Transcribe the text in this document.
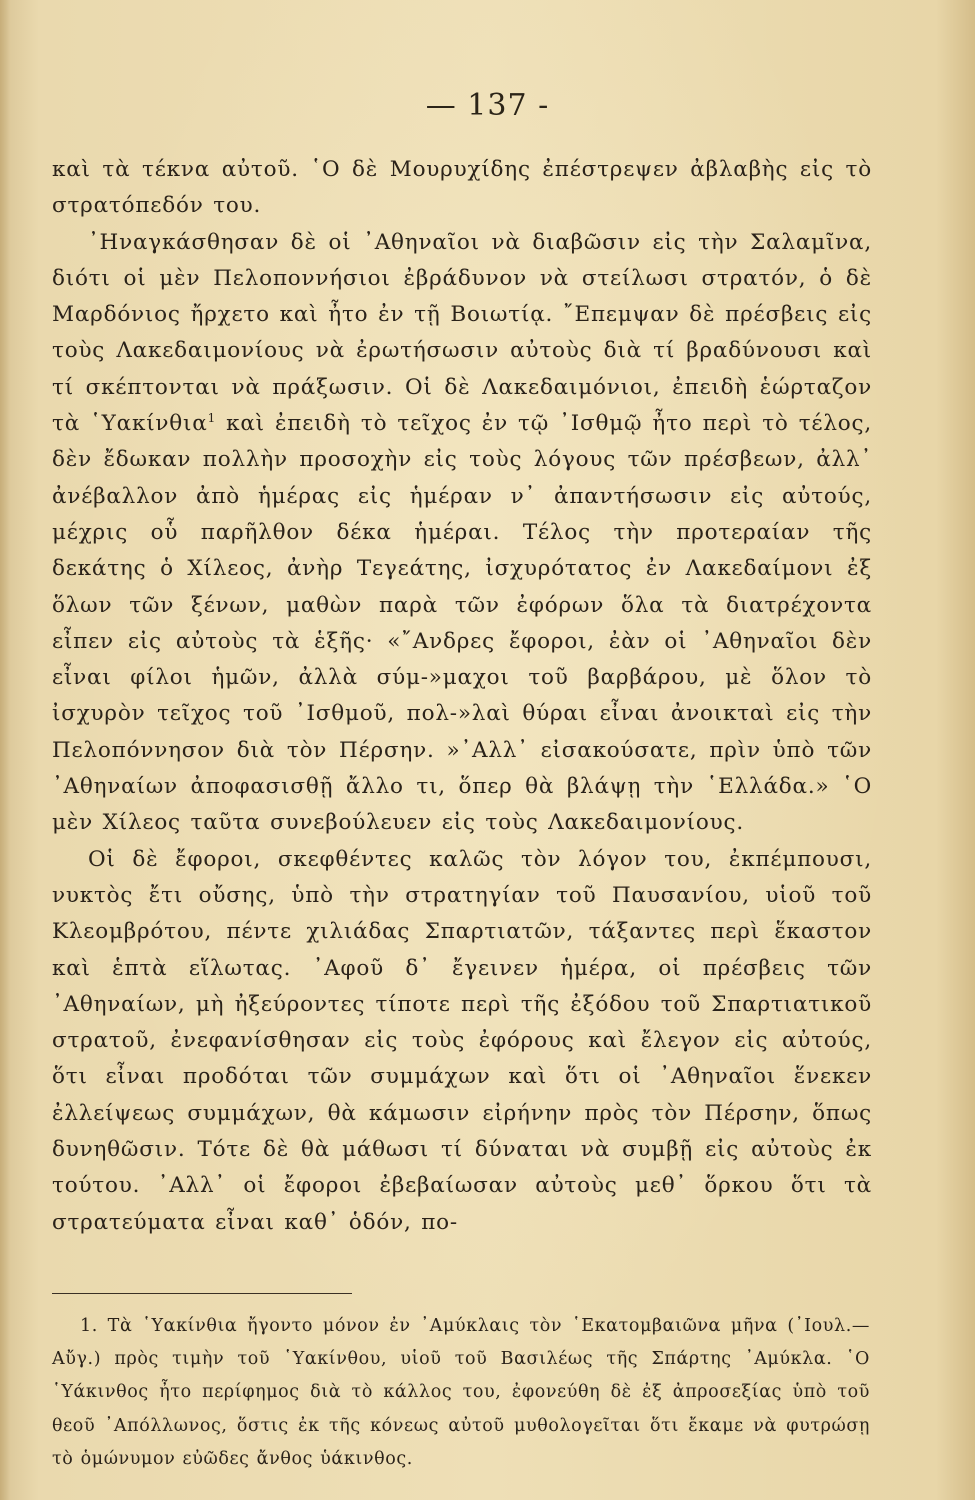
— 137 -

καὶ τὰ τέκνα αὐτοῦ. ῾Ο δὲ Μουρυχίδης ἐπέστρεψεν ἀβλαβὴς εἰς τὸ στρατόπεδόν του.

᾽Ηναγκάσθησαν δὲ οἱ ᾽Αθηναῖοι νὰ διαβῶσιν εἰς τὴν Σαλαμῖνα, διότι οἱ μὲν Πελοποννήσιοι ἐβράδυνον νὰ στείλωσι στρατόν, ὁ δὲ Μαρδόνιος ἤρχετο καὶ ἦτο ἐν τῇ Βοιωτίᾳ. ῎Επεμψαν δὲ πρέσβεις εἰς τοὺς Λακεδαιμονίους νὰ ἐρωτήσωσιν αὐτοὺς διὰ τί βραδύνουσι καὶ τί σκέπτονται νὰ πράξωσιν. Οἱ δὲ Λακεδαιμόνιοι, ἐπειδὴ ἑώρταζον τὰ ῾Υακίνθια$^1$ καὶ ἐπειδὴ τὸ τεῖχος ἐν τῷ ᾽Ισθμῷ ἦτο περὶ τὸ τέλος, δὲν ἔδωκαν πολλὴν προσοχὴν εἰς τοὺς λόγους τῶν πρέσβεων, ἀλλ᾽ ἀνέβαλλον ἀπὸ ἡμέρας εἰς ἡμέραν ν᾽ ἀπαντήσωσιν εἰς αὐτούς, μέχρις οὗ παρῆλθον δέκα ἡμέραι. Τέλος τὴν προτεραίαν τῆς δεκάτης ὁ Χίλεος, ἀνὴρ Τεγεάτης, ἰσχυρότατος ἐν Λακεδαίμονι ἐξ ὅλων τῶν ξένων, μαθὼν παρὰ τῶν ἐφόρων ὅλα τὰ διατρέχοντα εἶπεν εἰς αὐτοὺς τὰ ἑξῆς· «῎Ανδρες ἔφοροι, ἐὰν οἱ ᾽Αθηναῖοι δὲν εἶναι φίλοι ἡμῶν, ἀλλὰ σύμ-»μαχοι τοῦ βαρβάρου, μὲ ὅλον τὸ ἰσχυρὸν τεῖχος τοῦ ᾽Ισθμοῦ, πολ-»λαὶ θύραι εἶναι ἀνοικταὶ εἰς τὴν Πελοπόννησον διὰ τὸν Πέρσην. »᾽Αλλ᾽ εἰσακούσατε, πρὶν ὑπὸ τῶν ᾽Αθηναίων ἀποφασισθῇ ἄλλο τι, ὅπερ θὰ βλάψῃ τὴν ῾Ελλάδα.» ῾Ο μὲν Χίλεος ταῦτα συνεβούλευεν εἰς τοὺς Λακεδαιμονίους.

Οἱ δὲ ἔφοροι, σκεφθέντες καλῶς τὸν λόγον του, ἐκπέμπουσι, νυκτὸς ἔτι οὔσης, ὑπὸ τὴν στρατηγίαν τοῦ Παυσανίου, υἱοῦ τοῦ Κλεομβρότου, πέντε χιλιάδας Σπαρτιατῶν, τάξαντες περὶ ἕκαστον καὶ ἑπτὰ εἵλωτας. ᾽Αφοῦ δ᾽ ἔγεινεν ἡμέρα, οἱ πρέσβεις τῶν ᾽Αθηναίων, μὴ ἠξεύροντες τίποτε περὶ τῆς ἐξόδου τοῦ Σπαρτιατικοῦ στρατοῦ, ἐνεφανίσθησαν εἰς τοὺς ἐφόρους καὶ ἔλεγον εἰς αὐτούς, ὅτι εἶναι προδόται τῶν συμμάχων καὶ ὅτι οἱ ᾽Αθηναῖοι ἕνεκεν ἐλλείψεως συμμάχων, θὰ κάμωσιν εἰρήνην πρὸς τὸν Πέρσην, ὅπως δυνηθῶσιν. Τότε δὲ θὰ μάθωσι τί δύναται νὰ συμβῇ εἰς αὐτοὺς ἐκ τούτου. ᾽Αλλ᾽ οἱ ἔφοροι ἐβεβαίωσαν αὐτοὺς μεθ᾽ ὅρκου ὅτι τὰ στρατεύματα εἶναι καθ᾽ ὁδόν, πο-

1. Τὰ ῾Υακίνθια ἤγοντο μόνον ἐν ᾽Αμύκλαις τὸν ῾Εκατομβαιῶνα μῆνα (᾽Ιουλ.—Αὔγ.) πρὸς τιμὴν τοῦ ῾Υακίνθου, υἱοῦ τοῦ Βασιλέως τῆς Σπάρτης ᾽Αμύκλα. ῾Ο ῾Υάκινθος ἦτο περίφημος διὰ τὸ κάλλος του, ἐφονεύθη δὲ ἐξ ἀπροσεξίας ὑπὸ τοῦ θεοῦ ᾽Απόλλωνος, ὅστις ἐκ τῆς κόνεως αὐτοῦ μυθολογεῖται ὅτι ἔκαμε νὰ φυτρώσῃ τὸ ὁμώνυμον εὐῶδες ἄνθος ὑάκινθος.
